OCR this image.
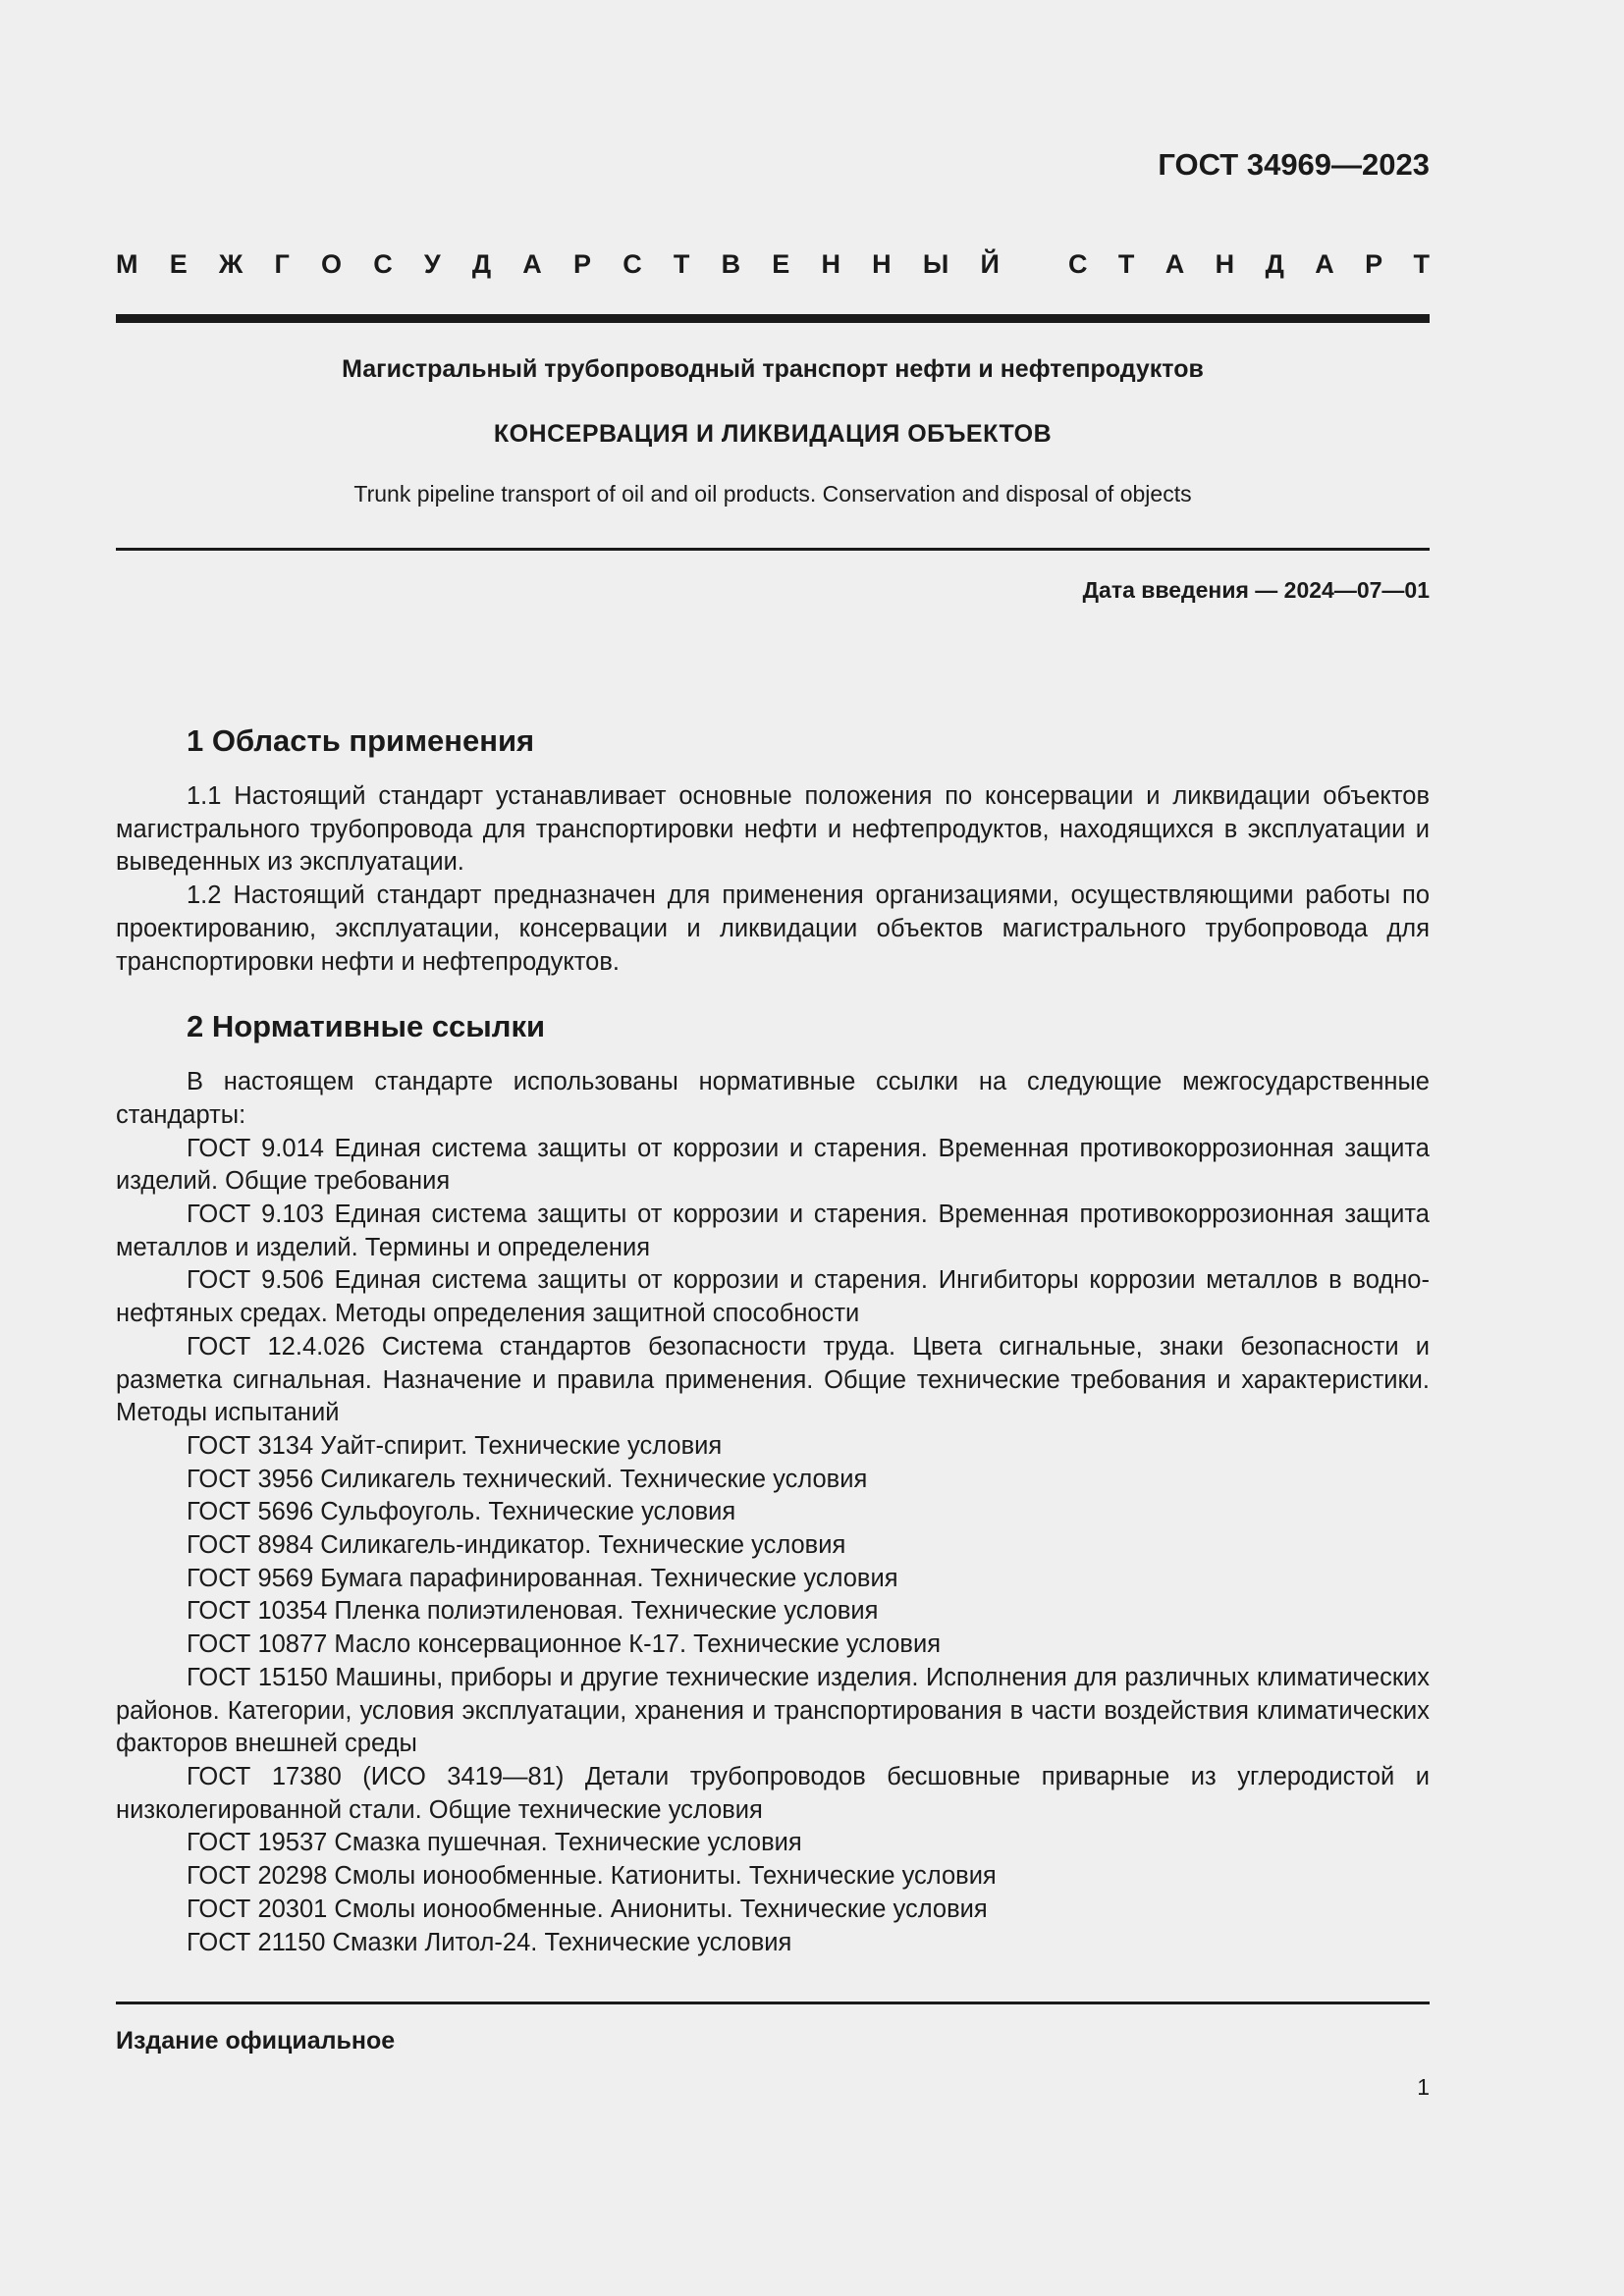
ГОСТ 34969—2023

М Е Ж Г О С У Д А Р С Т В Е Н Н Ы Й	С Т А Н Д А Р Т

Магистральный трубопроводный транспорт нефти и нефтепродуктов

КОНСЕРВАЦИЯ И ЛИКВИДАЦИЯ ОБЪЕКТОВ

Trunk pipeline transport of oil and oil products. Conservation and disposal of objects

Дата введения — 2024—07—01

1 Область применения

1.1 Настоящий стандарт устанавливает основные положения по консервации и ликвидации объектов магистрального трубопровода для транспортировки нефти и нефтепродуктов, находящихся в эксплуатации и выведенных из эксплуатации.

1.2 Настоящий стандарт предназначен для применения организациями, осуществляющими работы по проектированию, эксплуатации, консервации и ликвидации объектов магистрального трубопровода для транспортировки нефти и нефтепродуктов.

2 Нормативные ссылки

В настоящем стандарте использованы нормативные ссылки на следующие межгосударственные стандарты:

ГОСТ 9.014 Единая система защиты от коррозии и старения. Временная противокоррозионная защита изделий. Общие требования

ГОСТ 9.103 Единая система защиты от коррозии и старения. Временная противокоррозионная защита металлов и изделий. Термины и определения

ГОСТ 9.506 Единая система защиты от коррозии и старения. Ингибиторы коррозии металлов в водно-нефтяных средах. Методы определения защитной способности

ГОСТ 12.4.026 Система стандартов безопасности труда. Цвета сигнальные, знаки безопасности и разметка сигнальная. Назначение и правила применения. Общие технические требования и характеристики. Методы испытаний

ГОСТ 3134 Уайт-спирит. Технические условия

ГОСТ 3956 Силикагель технический. Технические условия

ГОСТ 5696 Сульфоуголь. Технические условия

ГОСТ 8984 Силикагель-индикатор. Технические условия

ГОСТ 9569 Бумага парафинированная. Технические условия

ГОСТ 10354 Пленка полиэтиленовая. Технические условия

ГОСТ 10877 Масло консервационное К-17. Технические условия

ГОСТ 15150 Машины, приборы и другие технические изделия. Исполнения для различных климатических районов. Категории, условия эксплуатации, хранения и транспортирования в части воздействия климатических факторов внешней среды

ГОСТ 17380 (ИСО 3419—81) Детали трубопроводов бесшовные приварные из углеродистой и низколегированной стали. Общие технические условия

ГОСТ 19537 Смазка пушечная. Технические условия

ГОСТ 20298 Смолы ионообменные. Катиониты. Технические условия

ГОСТ 20301 Смолы ионообменные. Аниониты. Технические условия

ГОСТ 21150 Смазки Литол-24. Технические условия

Издание официальное

1
